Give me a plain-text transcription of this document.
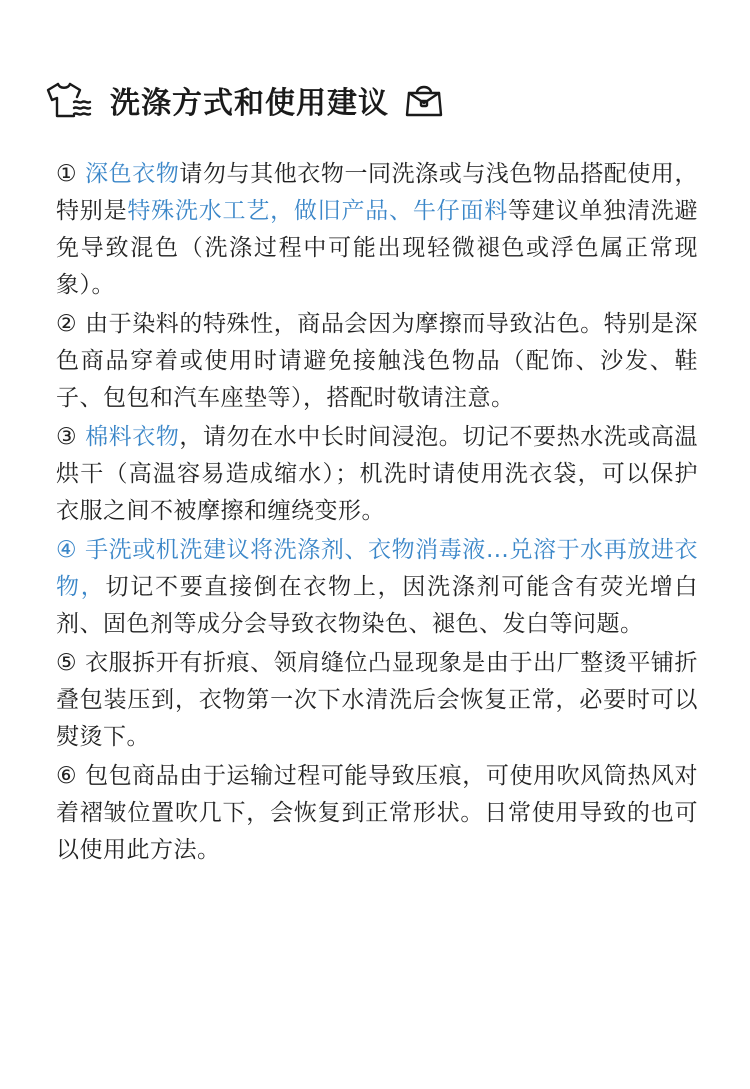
洗涤方式和使用建议

① 深色衣物请勿与其他衣物一同洗涤或与浅色物品搭配使用，特别是特殊洗水工艺，做旧产品、牛仔面料等建议单独清洗避免导致混色（洗涤过程中可能出现轻微褪色或浮色属正常现象）。

② 由于染料的特殊性，商品会因为摩擦而导致沾色。特别是深色商品穿着或使用时请避免接触浅色物品（配饰、沙发、鞋子、包包和汽车座垫等），搭配时敬请注意。

③ 棉料衣物，请勿在水中长时间浸泡。切记不要热水洗或高温烘干（高温容易造成缩水）；机洗时请使用洗衣袋，可以保护衣服之间不被摩擦和缠绕变形。

④ 手洗或机洗建议将洗涤剂、衣物消毒液…兑溶于水再放进衣物，切记不要直接倒在衣物上，因洗涤剂可能含有荧光增白剂、固色剂等成分会导致衣物染色、褪色、发白等问题。

⑤ 衣服拆开有折痕、领肩缝位凸显现象是由于出厂整烫平铺折叠包装压到，衣物第一次下水清洗后会恢复正常，必要时可以熨烫下。

⑥ 包包商品由于运输过程可能导致压痕，可使用吹风筒热风对着褶皱位置吹几下，会恢复到正常形状。日常使用导致的也可以使用此方法。
